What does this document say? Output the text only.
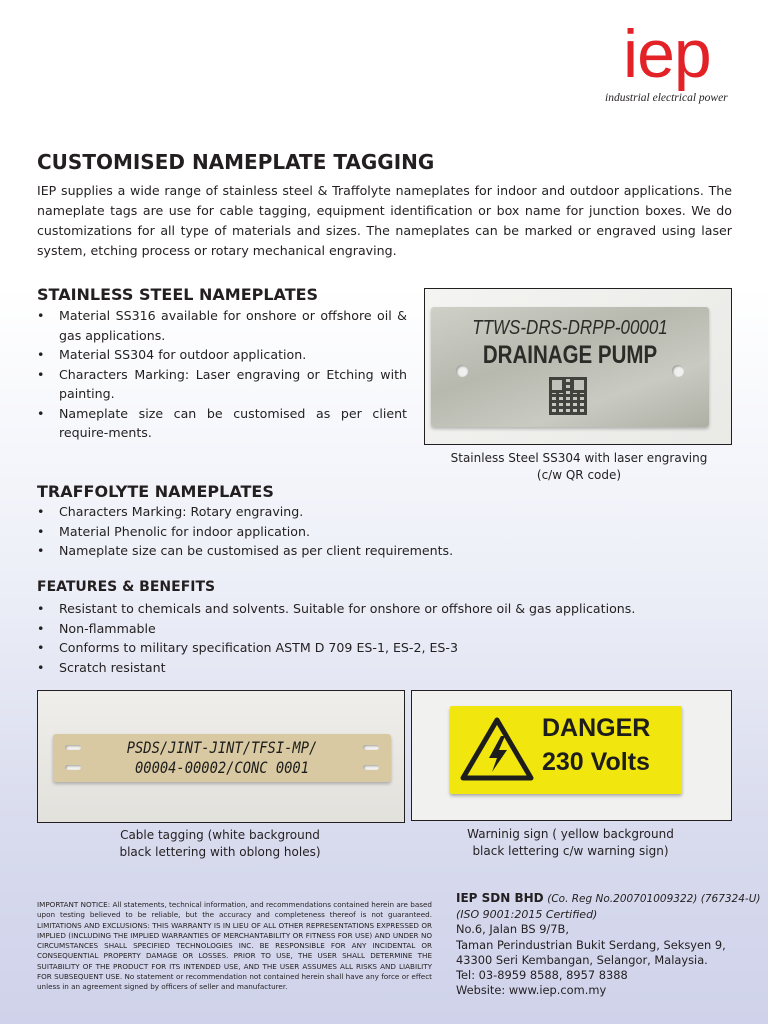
iep
industrial electrical power
CUSTOMISED NAMEPLATE TAGGING
IEP supplies a wide range of stainless steel & Traffolyte nameplates for indoor and outdoor applications. The nameplate tags are use for cable tagging, equipment identification or box name for junction boxes. We do customizations for all type of materials and sizes. The nameplates can be marked or engraved using laser system, etching process or rotary mechanical engraving.
STAINLESS STEEL NAMEPLATES
• Material SS316 available for onshore or offshore oil & gas applications.
• Material SS304 for outdoor application.
• Characters Marking: Laser engraving or Etching with painting.
• Nameplate size can be customised as per client require-ments.
TTWS-DRS-DRPP-00001
DRAINAGE PUMP
Stainless Steel SS304 with laser engraving
(c/w QR code)
TRAFFOLYTE NAMEPLATES
• Characters Marking: Rotary engraving.
• Material Phenolic for indoor application.
• Nameplate size can be customised as per client requirements.
FEATURES & BENEFITS
• Resistant to chemicals and solvents. Suitable for onshore or offshore oil & gas applications.
• Non-flammable
• Conforms to military specification ASTM D 709 ES-1, ES-2, ES-3
• Scratch resistant
PSDS/JINT-JINT/TFSI-MP/
00004-00002/CONC 0001
Cable tagging (white background
black lettering with oblong holes)
DANGER
230 Volts
Warninig sign ( yellow background
black lettering c/w warning sign)
IMPORTANT NOTICE: All statements, technical information, and recommendations contained herein are based upon testing believed to be reliable, but the accuracy and completeness thereof is not guaranteed. LIMITATIONS AND EXCLUSIONS: THIS WARRANTY IS IN LIEU OF ALL OTHER REPRESENTATIONS EXPRESSED OR IMPLIED (INCLUDING THE IMPLIED WARRANTIES OF MERCHANTABILITY OR FITNESS FOR USE) AND UNDER NO CIRCUMSTANCES SHALL SPECIFIED TECHNOLOGIES INC. BE RESPONSIBLE FOR ANY INCIDENTAL OR CONSEQUENTIAL PROPERTY DAMAGE OR LOSSES. PRIOR TO USE, THE USER SHALL DETERMINE THE SUITABILITY OF THE PRODUCT FOR ITS INTENDED USE, AND THE USER ASSUMES ALL RISKS AND LIABILITY FOR SUBSEQUENT USE. No statement or recommendation not contained herein shall have any force or effect unless in an agreement signed by officers of seller and manufacturer.
IEP SDN BHD (Co. Reg No.200701009322) (767324-U)
(ISO 9001:2015 Certified)
No.6, Jalan BS 9/7B,
Taman Perindustrian Bukit Serdang, Seksyen 9,
43300 Seri Kembangan, Selangor, Malaysia.
Tel: 03-8959 8588, 8957 8388
Website: www.iep.com.my
